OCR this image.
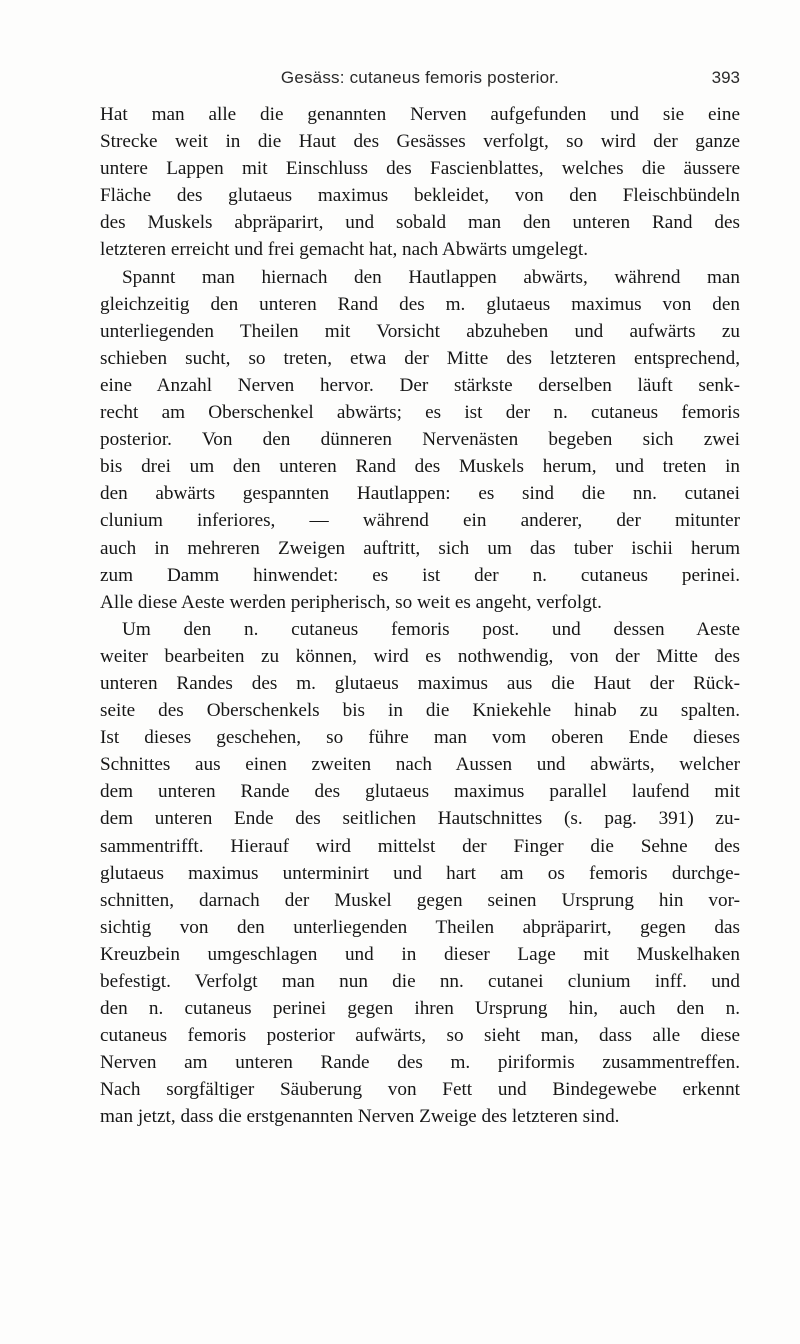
Gesäss: cutaneus femoris posterior.	393
Hat man alle die genannten Nerven aufgefunden und sie eine
Strecke weit in die Haut des Gesässes verfolgt, so wird der ganze
untere Lappen mit Einschluss des Fascienblattes, welches die äussere
Fläche des glutaeus maximus bekleidet, von den Fleischbündeln
des Muskels abpräparirt, und sobald man den unteren Rand des
letzteren erreicht und frei gemacht hat, nach Abwärts umgelegt.
Spannt man hiernach den Hautlappen abwärts, während man
gleichzeitig den unteren Rand des m. glutaeus maximus von den
unterliegenden Theilen mit Vorsicht abzuheben und aufwärts zu
schieben sucht, so treten, etwa der Mitte des letzteren entsprechend,
eine Anzahl Nerven hervor. Der stärkste derselben läuft senk-
recht am Oberschenkel abwärts; es ist der n. cutaneus femoris
posterior. Von den dünneren Nervenästen begeben sich zwei
bis drei um den unteren Rand des Muskels herum, und treten in
den abwärts gespannten Hautlappen: es sind die nn. cutanei
clunium inferiores, — während ein anderer, der mitunter
auch in mehreren Zweigen auftritt, sich um das tuber ischii herum
zum Damm hinwendet: es ist der n. cutaneus perinei.
Alle diese Aeste werden peripherisch, so weit es angeht, verfolgt.
Um den n. cutaneus femoris post. und dessen Aeste
weiter bearbeiten zu können, wird es nothwendig, von der Mitte des
unteren Randes des m. glutaeus maximus aus die Haut der Rück-
seite des Oberschenkels bis in die Kniekehle hinab zu spalten.
Ist dieses geschehen, so führe man vom oberen Ende dieses
Schnittes aus einen zweiten nach Aussen und abwärts, welcher
dem unteren Rande des glutaeus maximus parallel laufend mit
dem unteren Ende des seitlichen Hautschnittes (s. pag. 391) zu-
sammentrifft. Hierauf wird mittelst der Finger die Sehne des
glutaeus maximus unterminirt und hart am os femoris durchge-
schnitten, darnach der Muskel gegen seinen Ursprung hin vor-
sichtig von den unterliegenden Theilen abpräparirt, gegen das
Kreuzbein umgeschlagen und in dieser Lage mit Muskelhaken
befestigt. Verfolgt man nun die nn. cutanei clunium inff. und
den n. cutaneus perinei gegen ihren Ursprung hin, auch den n.
cutaneus femoris posterior aufwärts, so sieht man, dass alle diese
Nerven am unteren Rande des m. piriformis zusammentreffen.
Nach sorgfältiger Säuberung von Fett und Bindegewebe erkennt
man jetzt, dass die erstgenannten Nerven Zweige des letzteren sind.
